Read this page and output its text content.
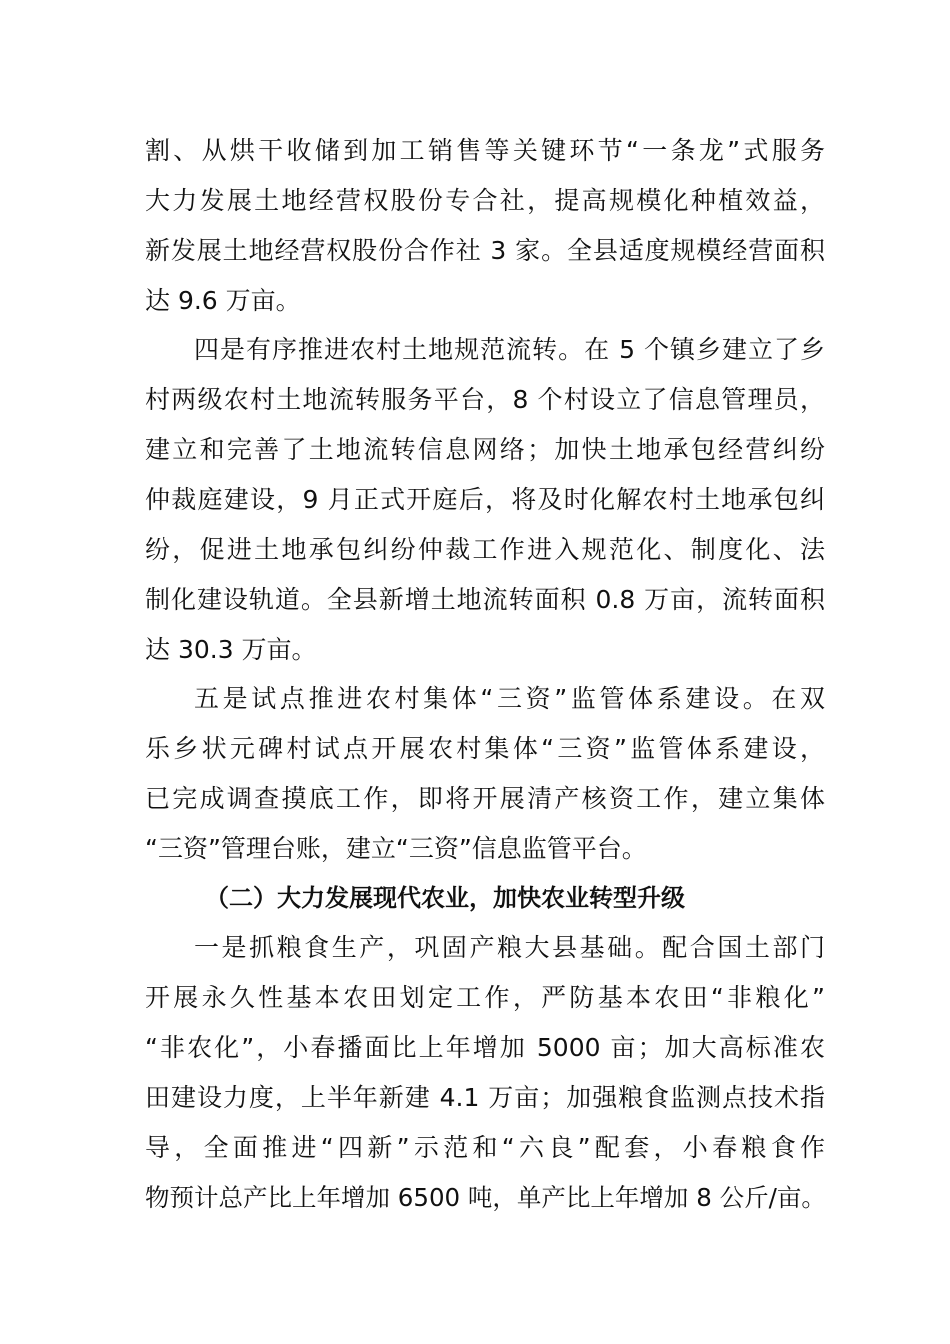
割、从烘干收储到加工销售等关键环节“一条龙”式服务
大力发展土地经营权股份专合社，提高规模化种植效益，
新发展土地经营权股份合作社 3 家。全县适度规模经营面积
达 9.6 万亩。
四是有序推进农村土地规范流转。在 5 个镇乡建立了乡
村两级农村土地流转服务平台，8 个村设立了信息管理员，
建立和完善了土地流转信息网络；加快土地承包经营纠纷
仲裁庭建设，9 月正式开庭后，将及时化解农村土地承包纠
纷，促进土地承包纠纷仲裁工作进入规范化、制度化、法
制化建设轨道。全县新增土地流转面积 0.8 万亩，流转面积
达 30.3 万亩。
五是试点推进农村集体“三资”监管体系建设。在双
乐乡状元碑村试点开展农村集体“三资”监管体系建设，
已完成调查摸底工作，即将开展清产核资工作，建立集体
“三资”管理台账，建立“三资”信息监管平台。
（二）大力发展现代农业，加快农业转型升级
一是抓粮食生产，巩固产粮大县基础。配合国土部门
开展永久性基本农田划定工作，严防基本农田“非粮化”
“非农化”，小春播面比上年增加 5000 亩；加大高标准农
田建设力度，上半年新建 4.1 万亩；加强粮食监测点技术指
导，全面推进“四新”示范和“六良”配套，小春粮食作
物预计总产比上年增加 6500 吨，单产比上年增加 8 公斤/亩。
